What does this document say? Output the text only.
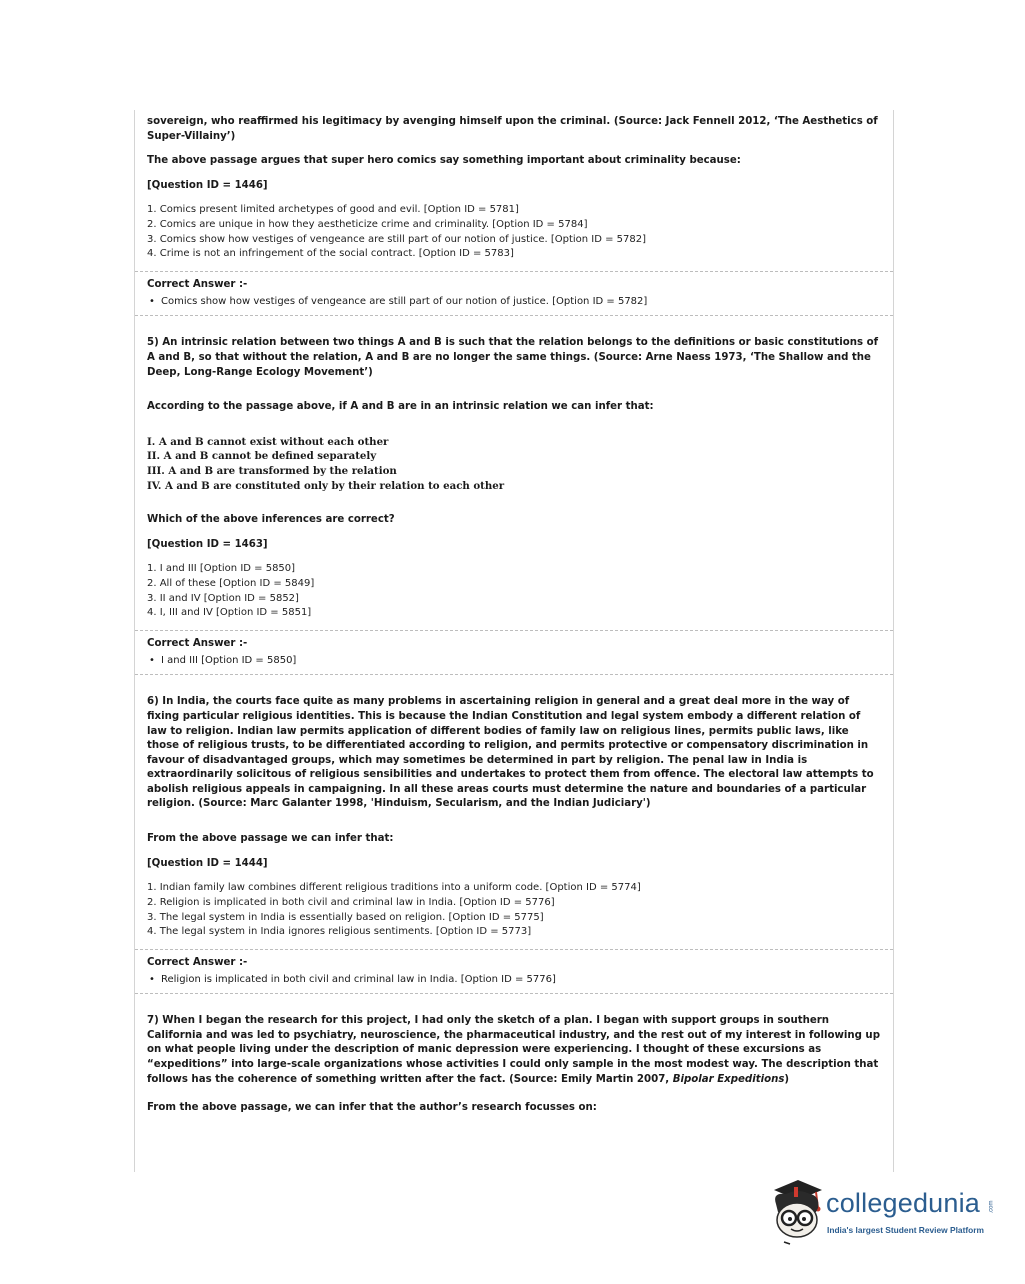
sovereign, who reaffirmed his legitimacy by avenging himself upon the criminal. (Source: Jack Fennell 2012, ‘The Aesthetics of Super-Villainy’)

The above passage argues that super hero comics say something important about criminality because:

[Question ID = 1446]

1. Comics present limited archetypes of good and evil. [Option ID = 5781]
2. Comics are unique in how they aestheticize crime and criminality. [Option ID = 5784]
3. Comics show how vestiges of vengeance are still part of our notion of justice. [Option ID = 5782]
4. Crime is not an infringement of the social contract. [Option ID = 5783]
Correct Answer :-
• Comics show how vestiges of vengeance are still part of our notion of justice. [Option ID = 5782]

5) An intrinsic relation between two things A and B is such that the relation belongs to the definitions or basic constitutions of A and B, so that without the relation, A and B are no longer the same things. (Source: Arne Naess 1973, ‘The Shallow and the Deep, Long-Range Ecology Movement’)

According to the passage above, if A and B are in an intrinsic relation we can infer that:

I. A and B cannot exist without each other
II. A and B cannot be defined separately
III. A and B are transformed by the relation
IV. A and B are constituted only by their relation to each other

Which of the above inferences are correct?

[Question ID = 1463]

1. I and III [Option ID = 5850]
2. All of these [Option ID = 5849]
3. II and IV [Option ID = 5852]
4. I, III and IV [Option ID = 5851]
Correct Answer :-
• I and III [Option ID = 5850]

6) In India, the courts face quite as many problems in ascertaining religion in general and a great deal more in the way of fixing particular religious identities. This is because the Indian Constitution and legal system embody a different relation of law to religion. Indian law permits application of different bodies of family law on religious lines, permits public laws, like those of religious trusts, to be differentiated according to religion, and permits protective or compensatory discrimination in favour of disadvantaged groups, which may sometimes be determined in part by religion. The penal law in India is extraordinarily solicitous of religious sensibilities and undertakes to protect them from offence. The electoral law attempts to abolish religious appeals in campaigning. In all these areas courts must determine the nature and boundaries of a particular religion. (Source: Marc Galanter 1998, 'Hinduism, Secularism, and the Indian Judiciary')

From the above passage we can infer that:

[Question ID = 1444]

1. Indian family law combines different religious traditions into a uniform code. [Option ID = 5774]
2. Religion is implicated in both civil and criminal law in India. [Option ID = 5776]
3. The legal system in India is essentially based on religion. [Option ID = 5775]
4. The legal system in India ignores religious sentiments. [Option ID = 5773]
Correct Answer :-
• Religion is implicated in both civil and criminal law in India. [Option ID = 5776]

7) When I began the research for this project, I had only the sketch of a plan. I began with support groups in southern California and was led to psychiatry, neuroscience, the pharmaceutical industry, and the rest out of my interest in following up on what people living under the description of manic depression were experiencing. I thought of these excursions as “expeditions” into large-scale organizations whose activities I could only sample in the most modest way. The description that follows has the coherence of something written after the fact. (Source: Emily Martin 2007, Bipolar Expeditions)

From the above passage, we can infer that the author’s research focusses on:

collegedunia .com
India's largest Student Review Platform
